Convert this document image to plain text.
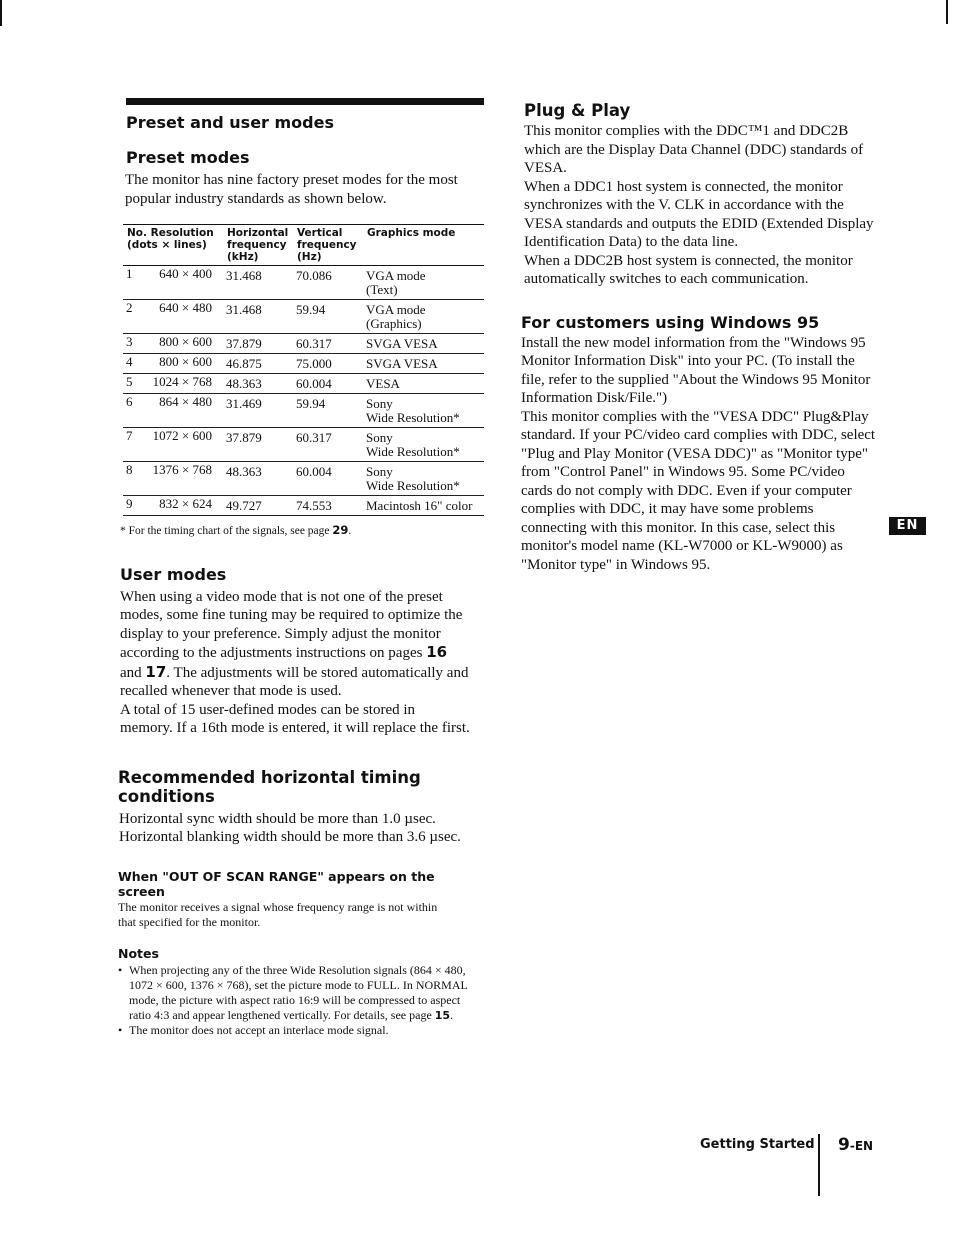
Preset and user modes
Preset modes

The monitor has nine factory preset modes for the most popular industry standards as shown below.

No. Resolution (dots × lines)	Horizontal frequency (kHz)	Vertical frequency (Hz)	Graphics mode
1 640 × 400	31.468	70.086	VGA mode
(Text)

2 640 × 480	31.468	59.94	VGA mode
(Graphics)

3 800 × 600	37.879	60.317	SVGA VESA

4 800 × 600	46.875	75.000	SVGA VESA

5 1024 × 768	48.363	60.004	VESA

6 864 × 480	31.469	59.94	Sony
Wide Resolution*

7 1072 × 600	37.879	60.317	Sony
Wide Resolution*

8 1376 × 768	48.363	60.004	Sony
Wide Resolution*

9 832 × 624	49.727	74.553	Macintosh 16" color

* For the timing chart of the signals, see page 29.

User modes

When using a video mode that is not one of the preset modes, some fine tuning may be required to optimize the display to your preference. Simply adjust the monitor according to the adjustments instructions on pages 16 and 17. The adjustments will be stored automatically and recalled whenever that mode is used.

A total of 15 user-defined modes can be stored in memory. If a 16th mode is entered, it will replace the first.

Recommended horizontal timing conditions

Horizontal sync width should be more than 1.0 µsec.

Horizontal blanking width should be more than 3.6 µsec.

When "OUT OF SCAN RANGE" appears on the screen

The monitor receives a signal whose frequency range is not within that specified for the monitor.

Notes
• When projecting any of the three Wide Resolution signals (864 × 480, 1072 × 600, 1376 × 768), set the picture mode to FULL. In NORMAL mode, the picture with aspect ratio 16:9 will be compressed to aspect ratio 4:3 and appear lengthened vertically. For details, see page 15.
• The monitor does not accept an interlace mode signal.
Plug & Play

This monitor complies with the DDC™1 and DDC2B which are the Display Data Channel (DDC) standards of VESA.

When a DDC1 host system is connected, the monitor synchronizes with the V. CLK in accordance with the VESA standards and outputs the EDID (Extended Display Identification Data) to the data line.

When a DDC2B host system is connected, the monitor automatically switches to each communication.

For customers using Windows 95

Install the new model information from the "Windows 95 Monitor Information Disk" into your PC. (To install the file, refer to the supplied "About the Windows 95 Monitor Information Disk/File.")

This monitor complies with the "VESA DDC" Plug&Play standard. If your PC/video card complies with DDC, select "Plug and Play Monitor (VESA DDC)" as "Monitor type" from "Control Panel" in Windows 95. Some PC/video cards do not comply with DDC. Even if your computer complies with DDC, it may have some problems connecting with this monitor. In this case, select this monitor's model name (KL-W7000 or KL-W9000) as "Monitor type" in Windows 95.

EN
Getting Started 9-EN
